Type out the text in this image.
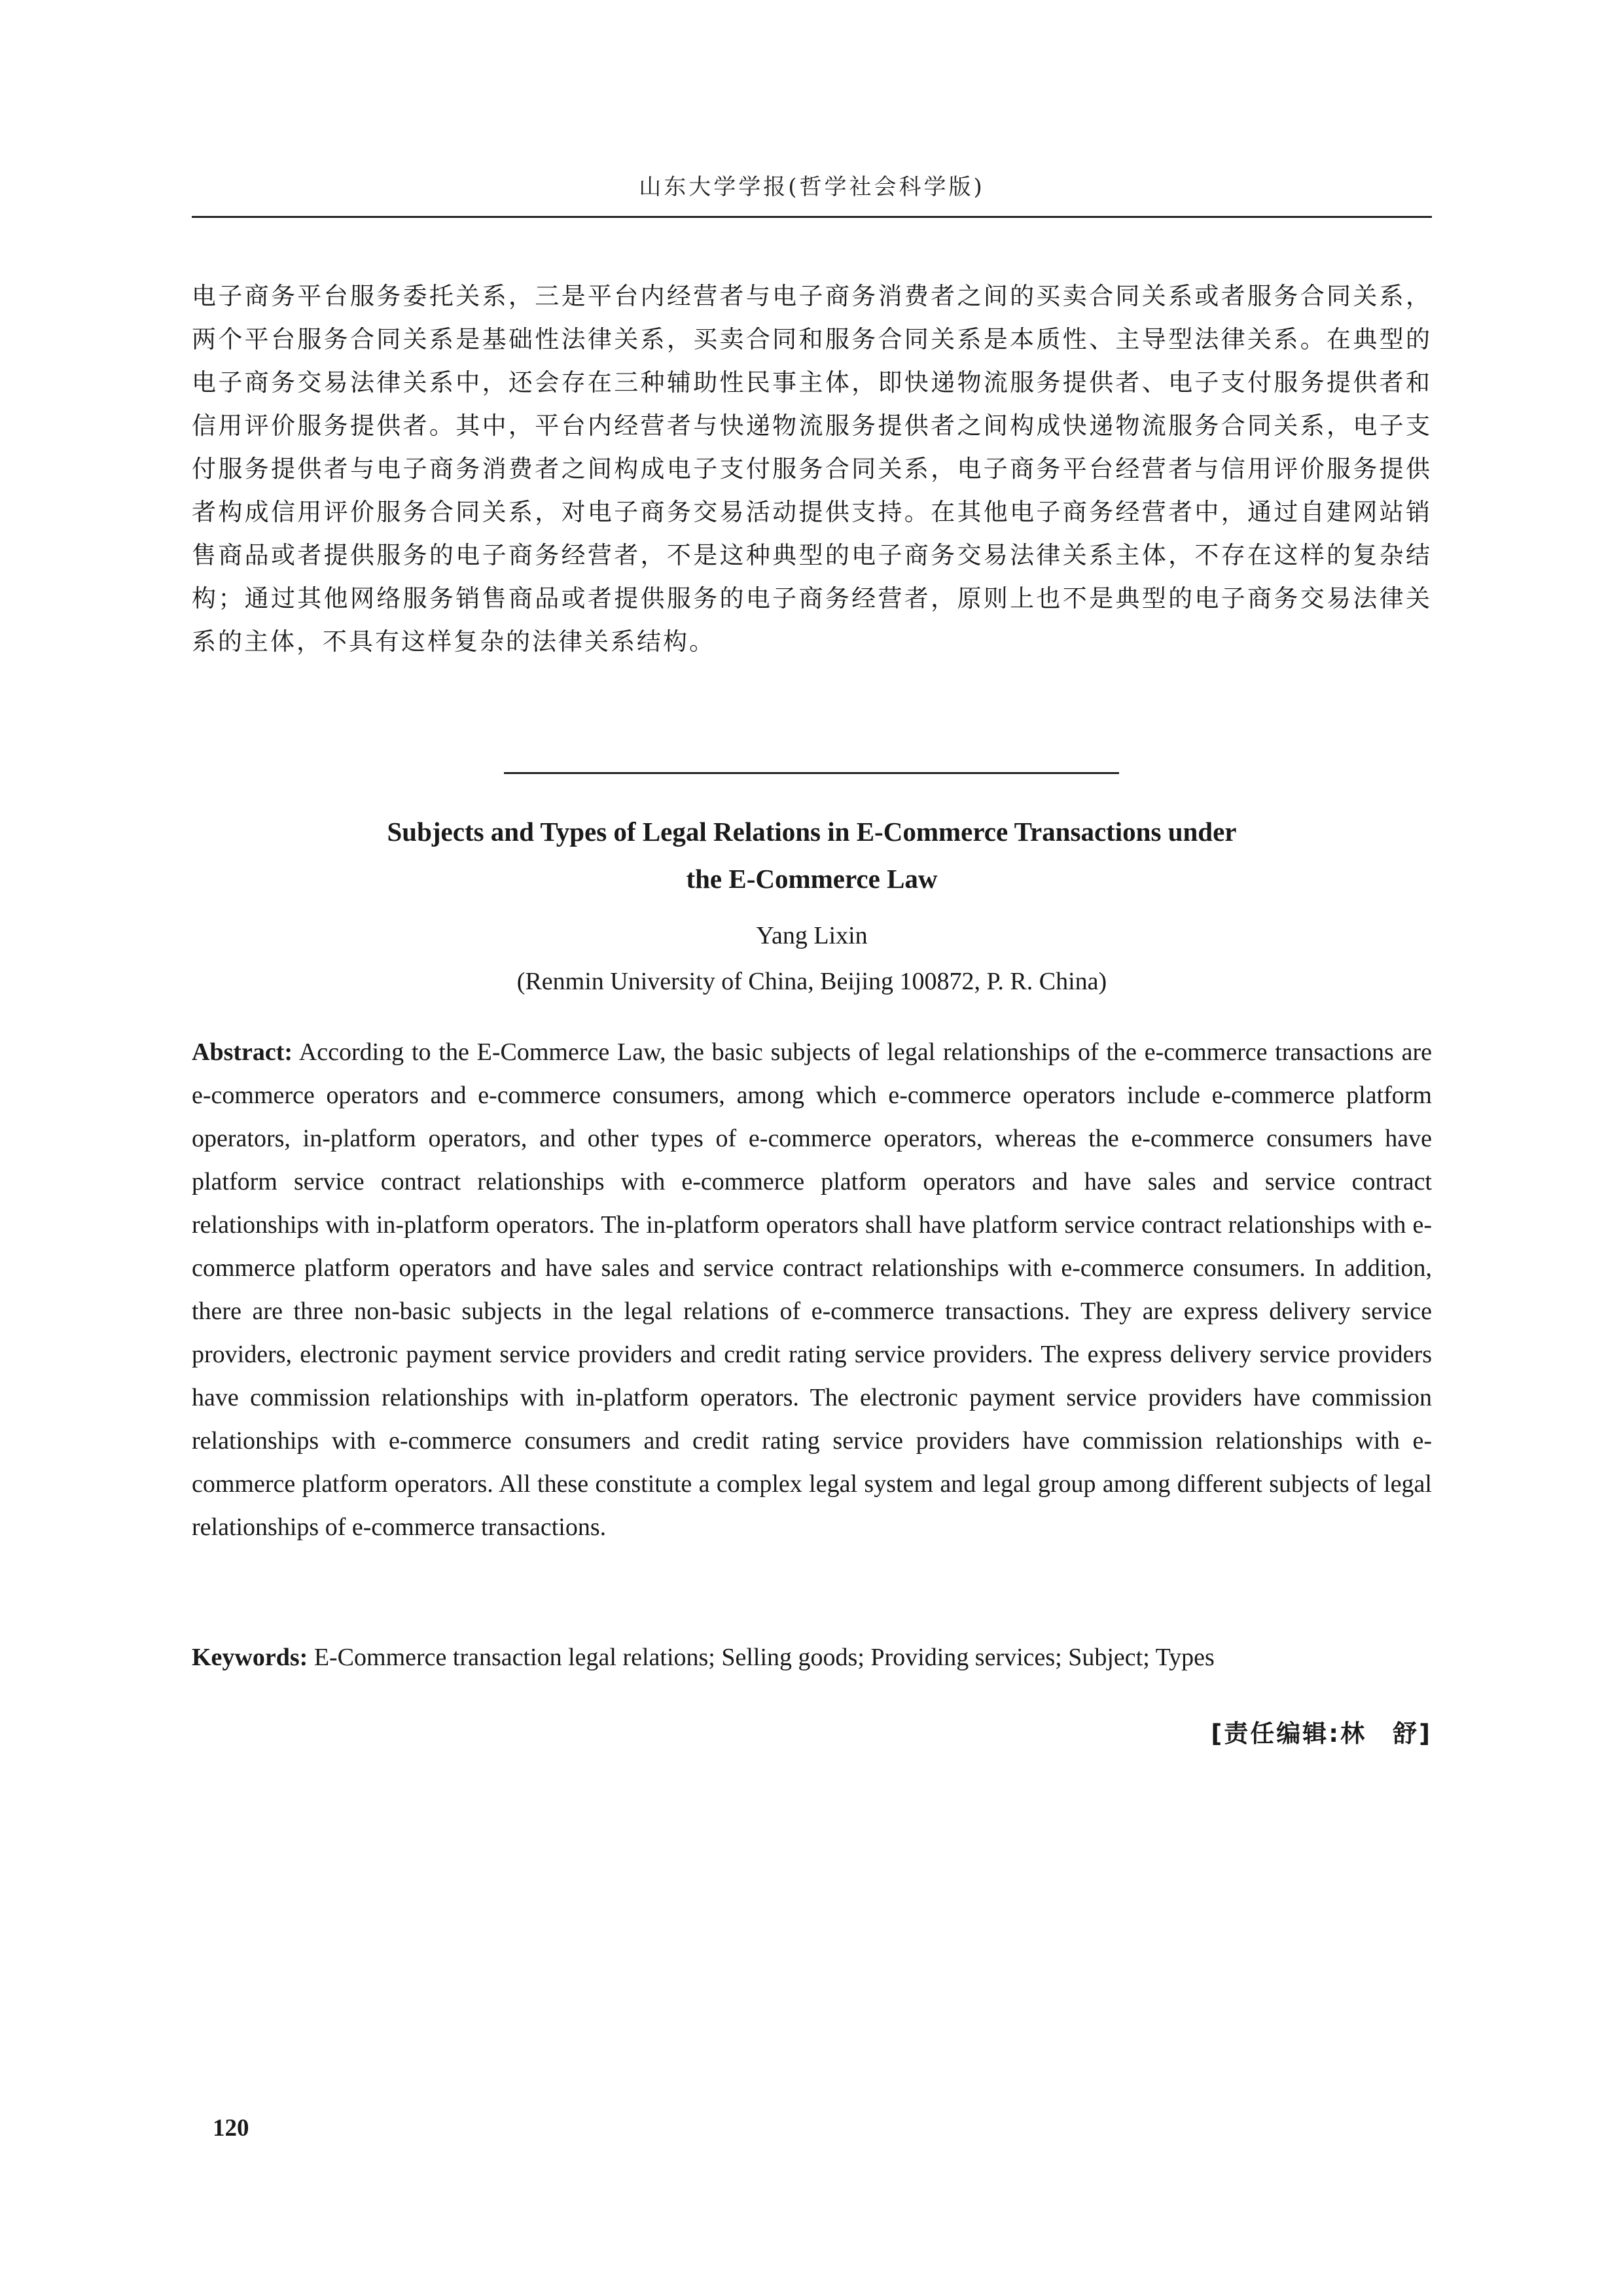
山东大学学报(哲学社会科学版)

电子商务平台服务委托关系，三是平台内经营者与电子商务消费者之间的买卖合同关系或者服务合同关系，两个平台服务合同关系是基础性法律关系，买卖合同和服务合同关系是本质性、主导型法律关系。在典型的电子商务交易法律关系中，还会存在三种辅助性民事主体，即快递物流服务提供者、电子支付服务提供者和信用评价服务提供者。其中，平台内经营者与快递物流服务提供者之间构成快递物流服务合同关系，电子支付服务提供者与电子商务消费者之间构成电子支付服务合同关系，电子商务平台经营者与信用评价服务提供者构成信用评价服务合同关系，对电子商务交易活动提供支持。在其他电子商务经营者中，通过自建网站销售商品或者提供服务的电子商务经营者，不是这种典型的电子商务交易法律关系主体，不存在这样的复杂结构；通过其他网络服务销售商品或者提供服务的电子商务经营者，原则上也不是典型的电子商务交易法律关系的主体，不具有这样复杂的法律关系结构。

Subjects and Types of Legal Relations in E-Commerce Transactions under
the E-Commerce Law

Yang Lixin

(Renmin University of China, Beijing 100872, P. R. China)

Abstract: According to the E-Commerce Law, the basic subjects of legal relationships of the e-commerce transactions are e-commerce operators and e-commerce consumers, among which e-commerce operators include e-commerce platform operators, in-platform operators, and other types of e-commerce operators, whereas the e-commerce consumers have platform service contract relationships with e-commerce platform operators and have sales and service contract relationships with in-platform operators. The in-platform operators shall have platform service contract relationships with e-commerce platform operators and have sales and service contract relationships with e-commerce consumers. In addition, there are three non-basic subjects in the legal relations of e-commerce transactions. They are express delivery service providers, electronic payment service providers and credit rating service providers. The express delivery service providers have commission relationships with in-platform operators. The electronic payment service providers have commission relationships with e-commerce consumers and credit rating service providers have commission relationships with e-commerce platform operators. All these constitute a complex legal system and legal group among different subjects of legal relationships of e-commerce transactions.

Keywords: E-Commerce transaction legal relations; Selling goods; Providing services; Subject; Types

[责任编辑:林　舒]

120
